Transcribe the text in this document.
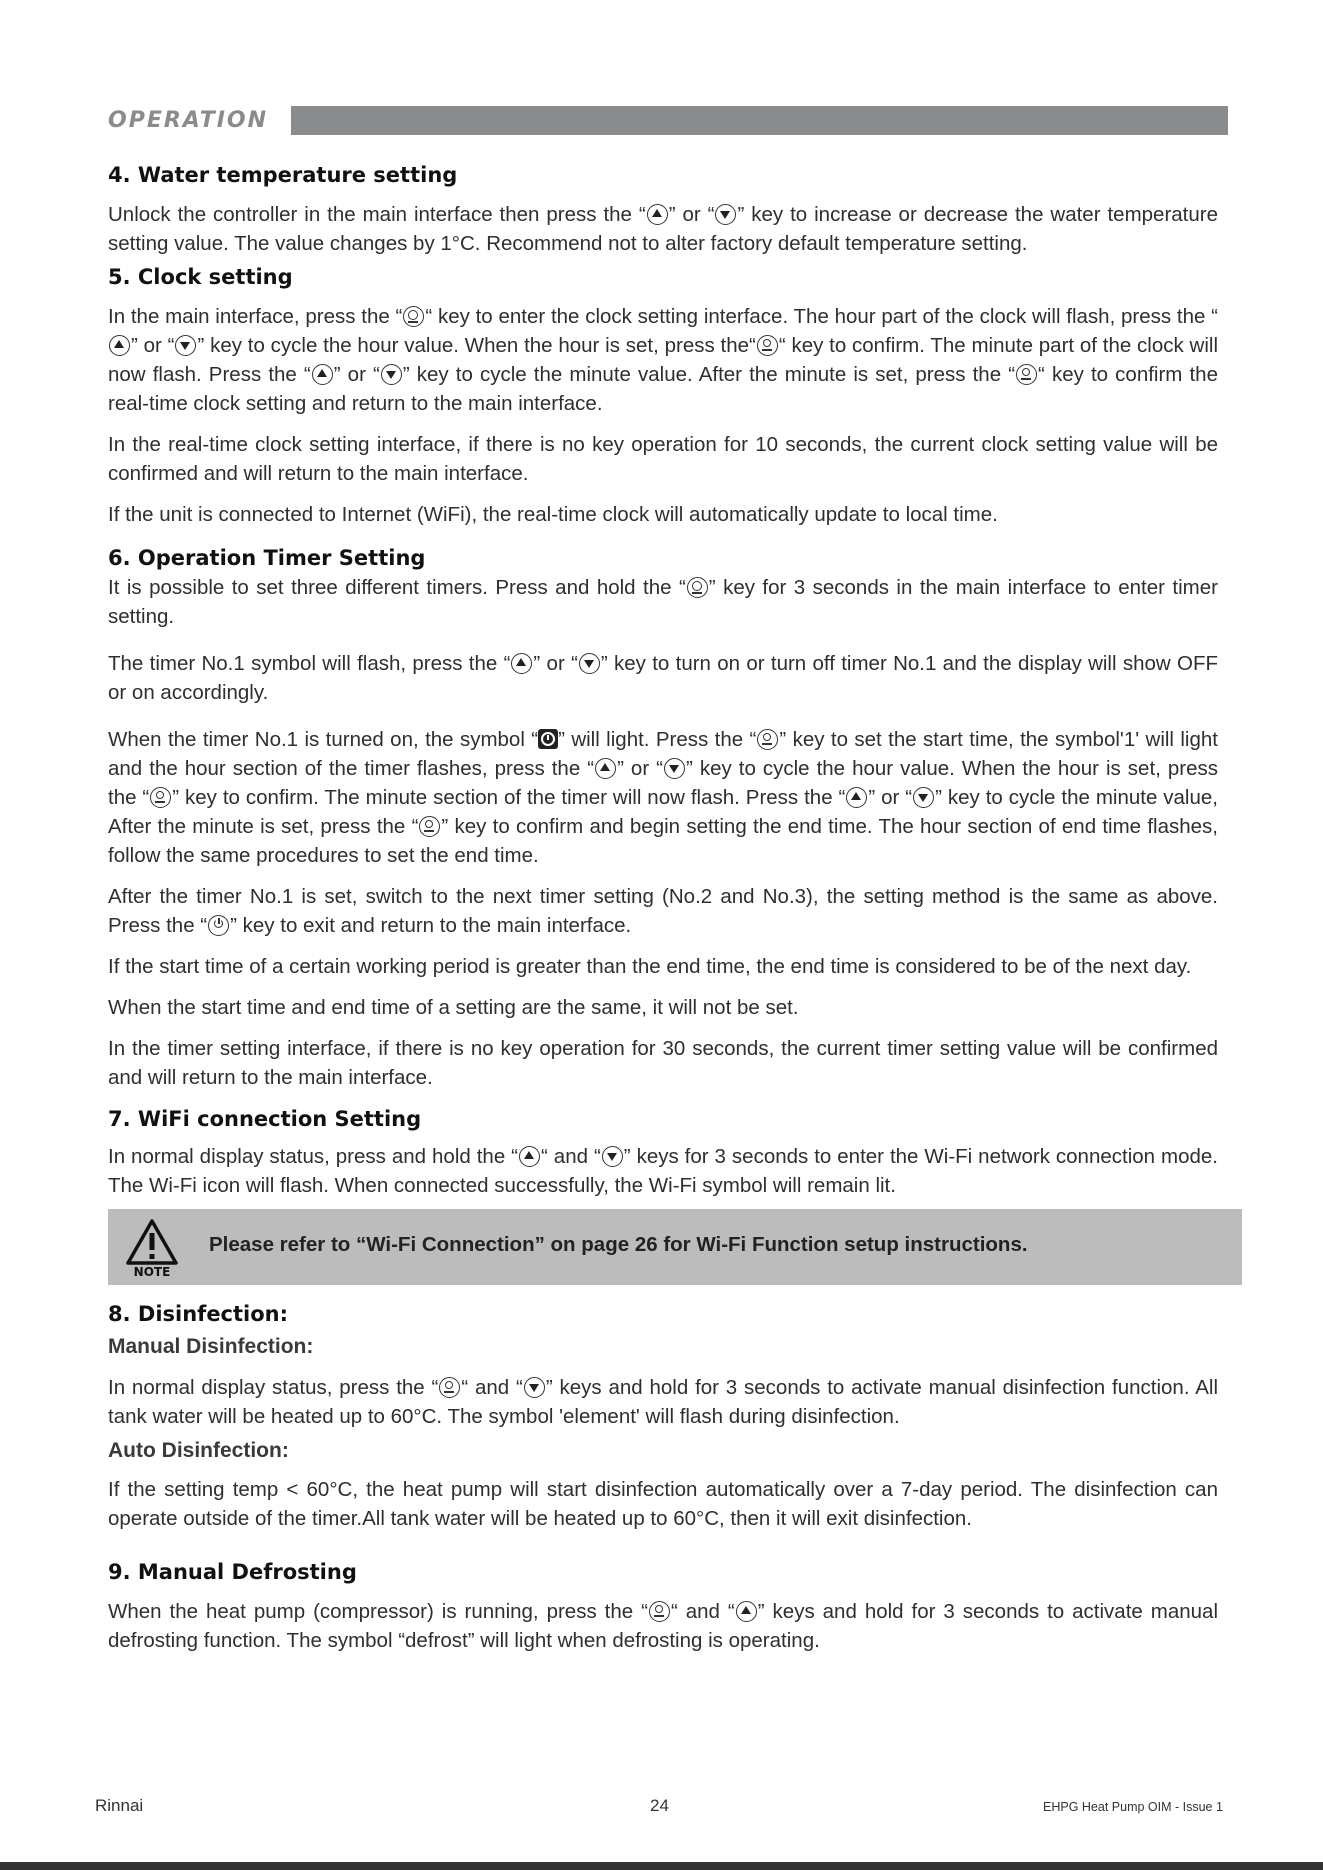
OPERATION
4. Water temperature setting

Unlock the controller in the main interface then press the “ ” or “ ” key to increase or decrease the water temperature setting value. The value changes by 1°C. Recommend not to alter factory default temperature setting.

5. Clock setting

In the main interface, press the “ “ key to enter the clock setting interface. The hour part of the clock will flash, press the “” or “ ” key to cycle the hour value. When the hour is set, press the“ “ key to confirm. The minute part of the clock will now flash. Press the “ ” or “ ” key to cycle the minute value. After the minute is set, press the “ “ key to confirm the real-time clock setting and return to the main interface.

In the real-time clock setting interface, if there is no key operation for 10 seconds, the current clock setting value will be confirmed and will return to the main interface.

If the unit is connected to Internet (WiFi), the real-time clock will automatically update to local time.

6. Operation Timer Setting

It is possible to set three different timers. Press and hold the “ ” key for 3 seconds in the main interface to enter timer setting.

The timer No.1 symbol will flash, press the “ ” or “ ” key to turn on or turn off timer No.1 and the display will show OFF or on accordingly.

When the timer No.1 is turned on, the symbol “ ” will light. Press the “ ” key to set the start time, the symbol'1' will light and the hour section of the timer flashes, press the “ ” or “ ” key to cycle the hour value. When the hour is set, press the “ ” key to confirm. The minute section of the timer will now flash. Press the “ ” or “ ” key to cycle the minute value, After the minute is set, press the “ ” key to confirm and begin setting the end time. The hour section of end time flashes, follow the same procedures to set the end time.

After the timer No.1 is set, switch to the next timer setting (No.2 and No.3), the setting method is the same as above. Press the “ ” key to exit and return to the main interface.

If the start time of a certain working period is greater than the end time, the end time is considered to be of the next day.

When the start time and end time of a setting are the same, it will not be set.

In the timer setting interface, if there is no key operation for 30 seconds, the current timer setting value will be confirmed and will return to the main interface.

7. WiFi connection Setting

In normal display status, press and hold the “ “ and “ ” keys for 3 seconds to enter the Wi-Fi network connection mode. The Wi-Fi icon will flash. When connected successfully, the Wi-Fi symbol will remain lit.

NOTE
Please refer to “Wi-Fi Connection” on page 26 for Wi-Fi Function setup instructions.
8. Disinfection:
Manual Disinfection:

In normal display status, press the “ “ and “ ” keys and hold for 3 seconds to activate manual disinfection function. All tank water will be heated up to 60°C. The symbol 'element' will flash during disinfection.

Auto Disinfection:

If the setting temp < 60°C, the heat pump will start disinfection automatically over a 7-day period. The disinfection can operate outside of the timer.All tank water will be heated up to 60°C, then it will exit disinfection.

9. Manual Defrosting

When the heat pump (compressor) is running, press the “ “ and “ ” keys and hold for 3 seconds to activate manual defrosting function. The symbol “defrost” will light when defrosting is operating.

Rinnai	24	EHPG Heat Pump OIM - Issue 1
